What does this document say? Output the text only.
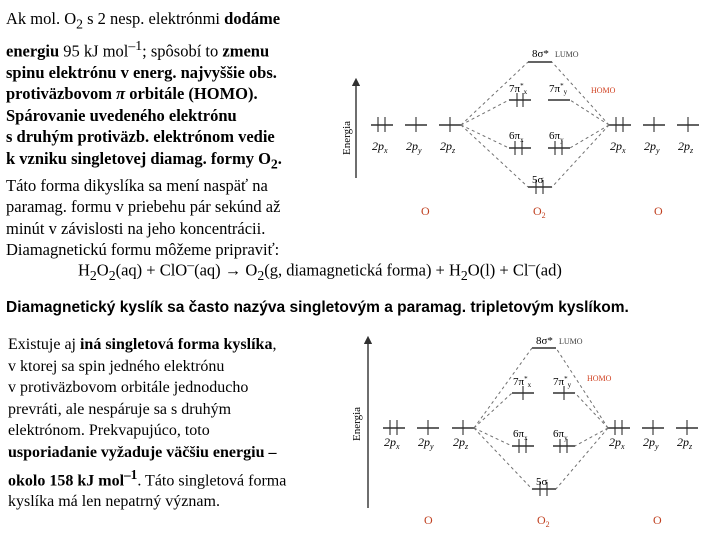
Ak mol. $O_2$ s 2 nesp. elektrónmi dodáme
energiu 95 kJ mol$^{-1}$; spôsobí to zmenu
spinu elektrónu v energ. najvyššie obs.
protiväzbovom π orbitále (HOMO).
Spárovanie uvedeného elektrónu
s druhým protiväzb. elektrónom vedie
k vzniku singletovej diamag. formy $O_2$.
Táto forma dikyslíka sa mení naspäť na
paramag. formu v priebehu pár sekúnd až
minút v závislosti na jeho koncentrácii.
Diamagnetickú formu môžeme pripraviť:
$H_2O_2(aq) + ClO^-(aq) \to O_2(g$, diamagnetická forma) + $H_2O(l) + Cl^-(ad)$
Diamagnetický kyslík sa často nazýva singletovým a paramag. tripletovým kyslíkom.
Existuje aj iná singletová forma kyslíka,
v ktorej sa spin jedného elektrónu
v protiväzbovom orbitále jednoducho
prevráti, ale nespáruje sa s druhým
elektrónom. Prekvapujúco, toto
usporiadanie vyžaduje väčšiu energiu –
okolo 158 kJ mol$^{-1}$. Táto singletová forma
kyslíka má len nepatrný význam.
Energia $2p_x$ $2p_y$ $2p_z$	$2p_x$ $2p_y$ $2p_z$
8σ* LUMO
$7\pi^*_x$ $7\pi^*_y$	HOMO
$6\pi_x$ $6\pi_y$
5σ
O	$O_2$	O
Energia
$2p_x$ $2p_y$ $2p_z$	$2p_x$ $2p_y$ $2p_z$
8σ* LUMO
$7\pi^*_x$ $7\pi^*_y$
HOMO
$6\pi_x$ $6\pi_y$
5σ
O	$O_2$	O
